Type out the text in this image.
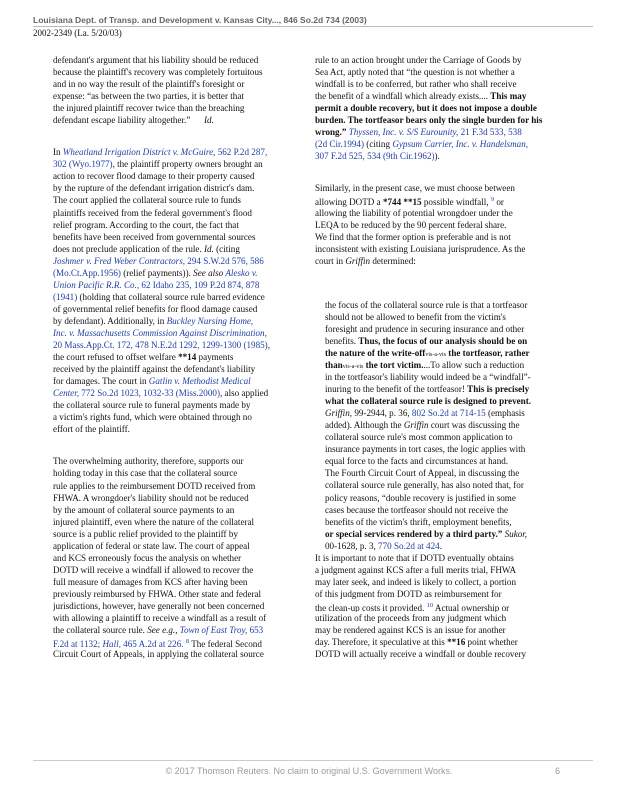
Louisiana Dept. of Transp. and Development v. Kansas City..., 846 So.2d 734 (2003)
2002-2349 (La. 5/20/03)
defendant's argument that his liability should be reduced
because the plaintiff's recovery was completely fortuitous
and in no way the result of the plaintiff's foresight or
expense: “as between the two parties, it is better that
the injured plaintiff recover twice than the breaching
defendant escape liability altogether.” Id.
In Wheatland Irrigation District v. McGuire, 562 P.2d 287,
302 (Wyo.1977), the plaintiff property owners brought an
action to recover flood damage to their property caused
by the rupture of the defendant irrigation district's dam.
The court applied the collateral source rule to funds
plaintiffs received from the federal government's flood
relief program. According to the court, the fact that
benefits have been received from governmental sources
does not preclude application of the rule. Id. (citing
Joshmer v. Fred Weber Contractors, 294 S.W.2d 576, 586
(Mo.Ct.App.1956) (relief payments)). See also Alesko v.
Union Pacific R.R. Co., 62 Idaho 235, 109 P.2d 874, 878
(1941) (holding that collateral source rule barred evidence
of governmental relief benefits for flood damage caused
by defendant). Additionally, in Buckley Nursing Home,
Inc. v. Massachusetts Commission Against Discrimination,
20 Mass.App.Ct. 172, 478 N.E.2d 1292, 1299-1300 (1985),
the court refused to offset welfare **14 payments
received by the plaintiff against the defendant's liability
for damages. The court in Gatlin v. Methodist Medical
Center, 772 So.2d 1023, 1032-33 (Miss.2000), also applied
the collateral source rule to funeral payments made by
a victim's rights fund, which were obtained through no
effort of the plaintiff.
The overwhelming authority, therefore, supports our
holding today in this case that the collateral source
rule applies to the reimbursement DOTD received from
FHWA. A wrongdoer's liability should not be reduced
by the amount of collateral source payments to an
injured plaintiff, even where the nature of the collateral
source is a public relief provided to the plaintiff by
application of federal or state law. The court of appeal
and KCS erroneously focus the analysis on whether
DOTD will receive a windfall if allowed to recover the
full measure of damages from KCS after having been
previously reimbursed by FHWA. Other state and federal
jurisdictions, however, have generally not been concerned
with allowing a plaintiff to receive a windfall as a result of
the collateral source rule. See e.g., Town of East Troy, 653
F.2d at 1132; Hall, 465 A.2d at 226. $^8$ The federal Second
Circuit Court of Appeals, in applying the collateral source
rule to an action brought under the Carriage of Goods by
Sea Act, aptly noted that “the question is not whether a
windfall is to be conferred, but rather who shall receive
the benefit of a windfall which already exists.... This may
permit a double recovery, but it does not impose a double
burden. The tortfeasor bears only the single burden for his
wrong.” Thyssen, Inc. v. S/S Eurounity, 21 F.3d 533, 538
(2d Cir.1994) (citing Gypsum Carrier, Inc. v. Handelsman,
307 F.2d 525, 534 (9th Cir.1962)).
Similarly, in the present case, we must choose between
allowing DOTD a *744 **15 possible windfall, $^9$ or
allowing the liability of potential wrongdoer under the
LEQA to be reduced by the 90 percent federal share.
We find that the former option is preferable and is not
inconsistent with existing Louisiana jurisprudence. As the
court in Griffin determined:
the focus of the collateral source rule is that a tortfeasor
should not be allowed to benefit from the victim's
foresight and prudence in securing insurance and other
benefits. Thus, the focus of our analysis should be on
the nature of the write-offvis-a-vis the tortfeasor, rather
thanvis-a-vis the tort victim....To allow such a reduction
in the tortfeasor's liability would indeed be a “windfall”-
inuring to the benefit of the tortfeasor! This is precisely
what the collateral source rule is designed to prevent.
Griffin, 99-2944, p. 36, 802 So.2d at 714-15 (emphasis
added). Although the Griffin court was discussing the
collateral source rule's most common application to
insurance payments in tort cases, the logic applies with
equal force to the facts and circumstances at hand.
The Fourth Circuit Court of Appeal, in discussing the
collateral source rule generally, has also noted that, for
policy reasons, “double recovery is justified in some
cases because the tortfeasor should not receive the
benefits of the victim's thrift, employment benefits,
or special services rendered by a third party.” Sukor,
00-1628, p. 3, 770 So.2d at 424.
It is important to note that if DOTD eventually obtains
a judgment against KCS after a full merits trial, FHWA
may later seek, and indeed is likely to collect, a portion
of this judgment from DOTD as reimbursement for
the clean-up costs it provided. $^{10}$ Actual ownership or
utilization of the proceeds from any judgment which
may be rendered against KCS is an issue for another
day. Therefore, it speculative at this **16 point whether
DOTD will actually receive a windfall or double recovery
© 2017 Thomson Reuters. No claim to original U.S. Government Works.	6
